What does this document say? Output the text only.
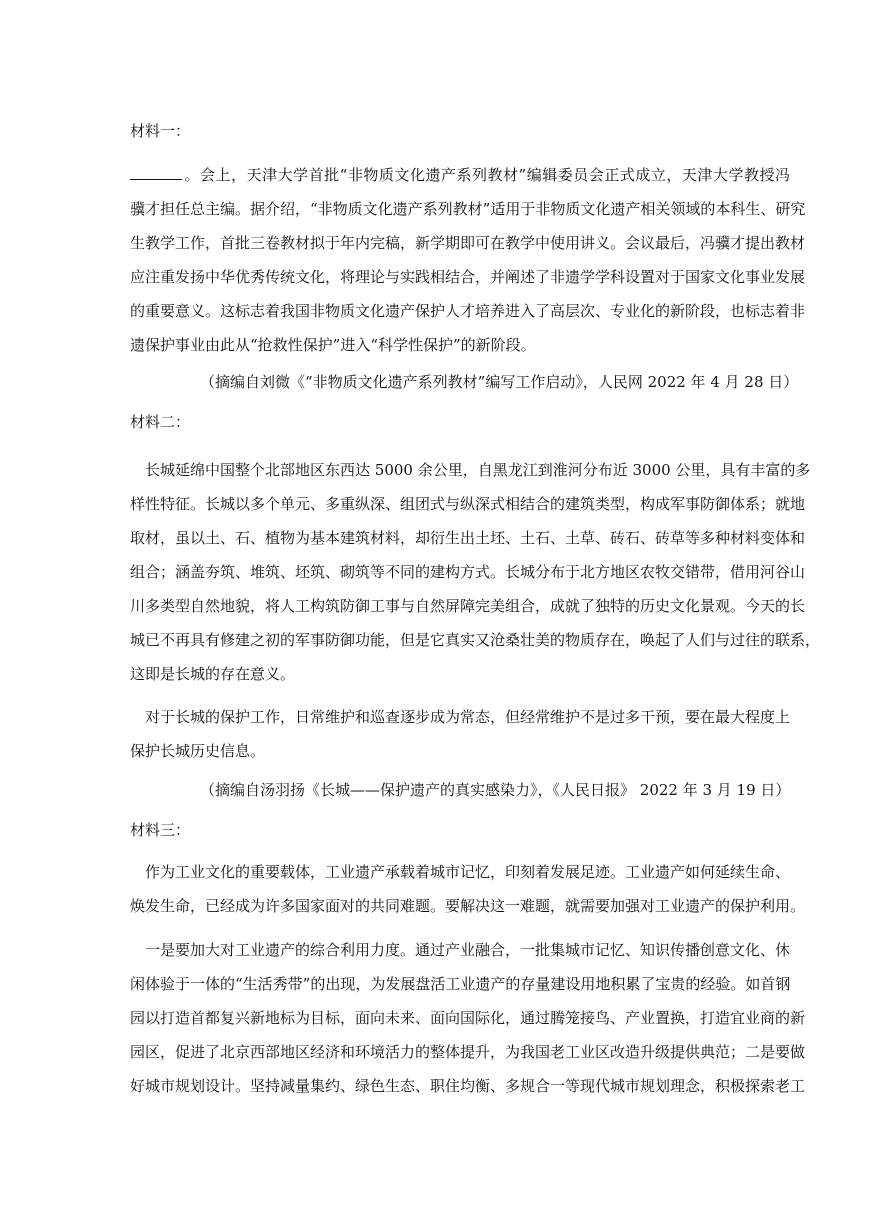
材料一：
。会上，天津大学首批“非物质文化遗产系列教材”编辑委员会正式成立，天津大学教授冯
骥才担任总主编。据介绍，“非物质文化遗产系列教材”适用于非物质文化遗产相关领域的本科生、研究
生教学工作，首批三卷教材拟于年内完稿，新学期即可在教学中使用讲义。会议最后，冯骥才提出教材
应注重发扬中华优秀传统文化，将理论与实践相结合，并阐述了非遗学学科设置对于国家文化事业发展
的重要意义。这标志着我国非物质文化遗产保护人才培养进入了高层次、专业化的新阶段，也标志着非
遗保护事业由此从“抢救性保护”进入“科学性保护”的新阶段。
（摘编自刘微《“非物质文化遗产系列教材”编写工作启动》，人民网 2022 年 4 月 28 日）
材料二：
长城延绵中国整个北部地区东西达 5000 余公里，自黑龙江到淮河分布近 3000 公里，具有丰富的多
样性特征。长城以多个单元、多重纵深、组团式与纵深式相结合的建筑类型，构成军事防御体系；就地
取材，虽以土、石、植物为基本建筑材料，却衍生出土坯、土石、土草、砖石、砖草等多种材料变体和
组合；涵盖夯筑、堆筑、坯筑、砌筑等不同的建构方式。长城分布于北方地区农牧交错带，借用河谷山
川多类型自然地貌，将人工构筑防御工事与自然屏障完美组合，成就了独特的历史文化景观。今天的长
城已不再具有修建之初的军事防御功能，但是它真实又沧桑壮美的物质存在，唤起了人们与过往的联系，
这即是长城的存在意义。
对于长城的保护工作，日常维护和巡查逐步成为常态，但经常维护不是过多干预，要在最大程度上
保护长城历史信息。
（摘编自汤羽扬《长城——保护遗产的真实感染力》，《人民日报》 2022 年 3 月 19 日）
材料三：
作为工业文化的重要载体，工业遗产承载着城市记忆，印刻着发展足迹。工业遗产如何延续生命、
焕发生命，已经成为许多国家面对的共同难题。要解决这一难题，就需要加强对工业遗产的保护利用。
一是要加大对工业遗产的综合利用力度。通过产业融合，一批集城市记忆、知识传播创意文化、休
闲体验于一体的“生活秀带”的出现，为发展盘活工业遗产的存量建设用地积累了宝贵的经验。如首钢
园以打造首都复兴新地标为目标，面向未来、面向国际化，通过腾笼接鸟、产业置换，打造宜业商的新
园区，促进了北京西部地区经济和环境活力的整体提升，为我国老工业区改造升级提供典范；二是要做
好城市规划设计。坚持减量集约、绿色生态、职住均衡、多规合一等现代城市规划理念，积极探索老工
